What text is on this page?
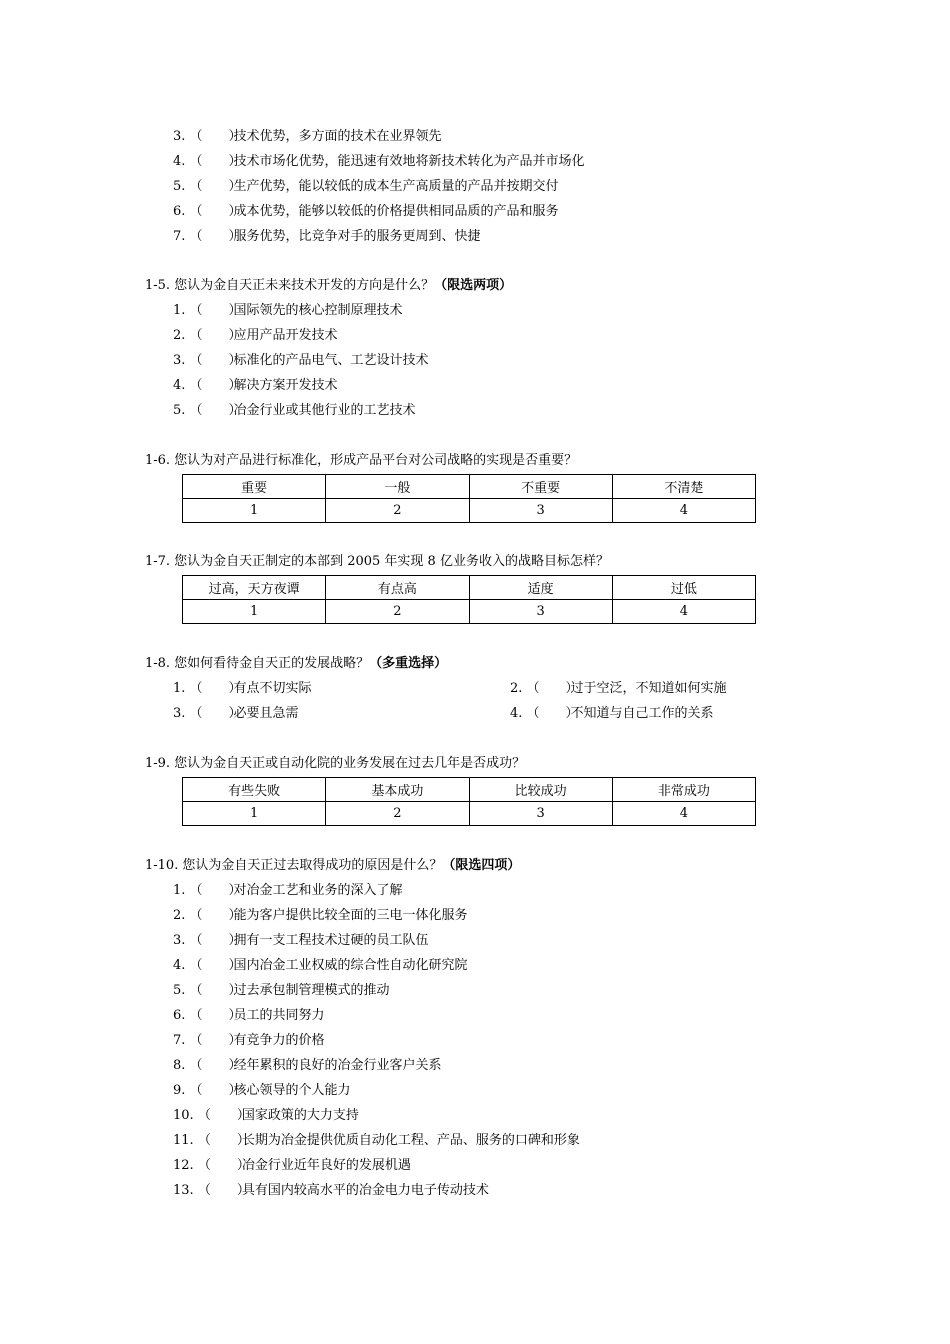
3. （　　）技术优势，多方面的技术在业界领先
4. （　　）技术市场化优势，能迅速有效地将新技术转化为产品并市场化
5. （　　）生产优势，能以较低的成本生产高质量的产品并按期交付
6. （　　）成本优势，能够以较低的价格提供相同品质的产品和服务
7. （　　）服务优势，比竞争对手的服务更周到、快捷
1-5. 您认为金自天正未来技术开发的方向是什么？（限选两项）
1. （　　）国际领先的核心控制原理技术
2. （　　）应用产品开发技术
3. （　　）标准化的产品电气、工艺设计技术
4. （　　）解决方案开发技术
5. （　　）冶金行业或其他行业的工艺技术
1-6. 您认为对产品进行标准化，形成产品平台对公司战略的实现是否重要？
重要	一般	不重要	不清楚
1	2	3	4
1-7. 您认为金自天正制定的本部到 2005 年实现 8 亿业务收入的战略目标怎样？
过高，天方夜谭	有点高	适度	过低
1	2	3	4
1-8. 您如何看待金自天正的发展战略？（多重选择）
1. （　　）有点不切实际	2. （　　）过于空泛，不知道如何实施
3. （　　）必要且急需	4. （　　）不知道与自己工作的关系
1-9. 您认为金自天正或自动化院的业务发展在过去几年是否成功？
有些失败	基本成功	比较成功	非常成功
1	2	3	4
1-10. 您认为金自天正过去取得成功的原因是什么？（限选四项）
1. （　　）对冶金工艺和业务的深入了解
2. （　　）能为客户提供比较全面的三电一体化服务
3. （　　）拥有一支工程技术过硬的员工队伍
4. （　　）国内冶金工业权威的综合性自动化研究院
5. （　　）过去承包制管理模式的推动
6. （　　）员工的共同努力
7. （　　）有竞争力的价格
8. （　　）经年累积的良好的冶金行业客户关系
9. （　　）核心领导的个人能力
10. （　　）国家政策的大力支持
11. （　　）长期为冶金提供优质自动化工程、产品、服务的口碑和形象
12. （　　）冶金行业近年良好的发展机遇
13. （　　）具有国内较高水平的冶金电力电子传动技术
